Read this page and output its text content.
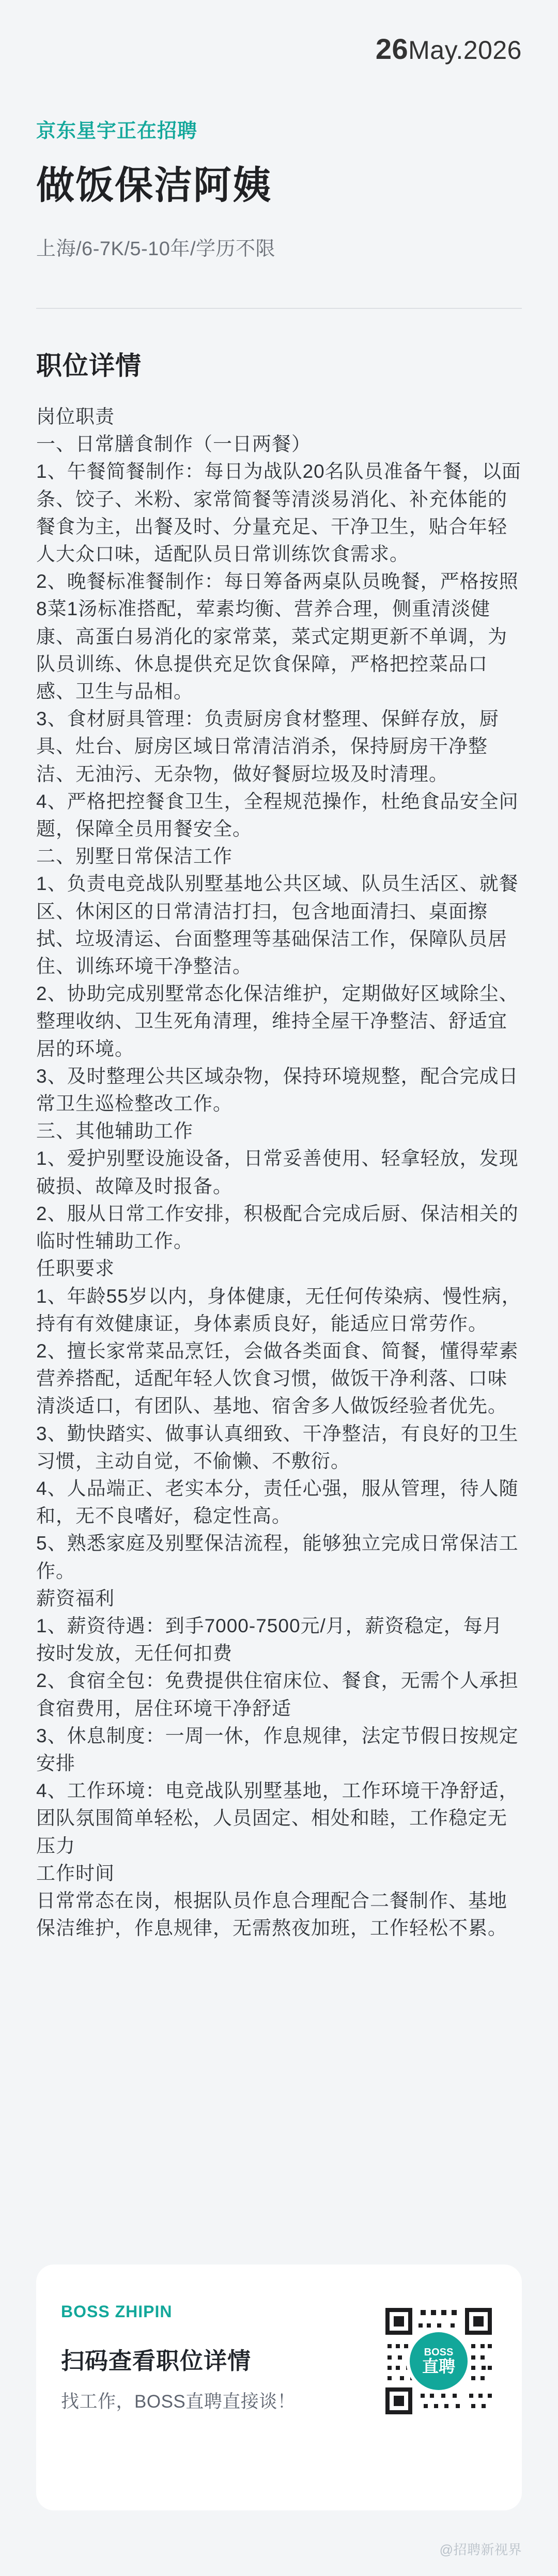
26May.2026
京东星宇正在招聘
做饭保洁阿姨
上海/6-7K/5-10年/学历不限
职位详情
岗位职责
一、日常膳食制作（一日两餐）
1、午餐简餐制作：每日为战队20名队员准备午餐，以面条、饺子、米粉、家常简餐等清淡易消化、补充体能的餐食为主，出餐及时、分量充足、干净卫生，贴合年轻人大众口味，适配队员日常训练饮食需求。
2、晚餐标准餐制作：每日筹备两桌队员晚餐，严格按照8菜1汤标准搭配，荤素均衡、营养合理，侧重清淡健康、高蛋白易消化的家常菜，菜式定期更新不单调，为队员训练、休息提供充足饮食保障，严格把控菜品口感、卫生与品相。
3、食材厨具管理：负责厨房食材整理、保鲜存放，厨具、灶台、厨房区域日常清洁消杀，保持厨房干净整洁、无油污、无杂物，做好餐厨垃圾及时清理。
4、严格把控餐食卫生，全程规范操作，杜绝食品安全问题，保障全员用餐安全。
二、别墅日常保洁工作
1、负责电竞战队别墅基地公共区域、队员生活区、就餐区、休闲区的日常清洁打扫，包含地面清扫、桌面擦拭、垃圾清运、台面整理等基础保洁工作，保障队员居住、训练环境干净整洁。
2、协助完成别墅常态化保洁维护，定期做好区域除尘、整理收纳、卫生死角清理，维持全屋干净整洁、舒适宜居的环境。
3、及时整理公共区域杂物，保持环境规整，配合完成日常卫生巡检整改工作。
三、其他辅助工作
1、爱护别墅设施设备，日常妥善使用、轻拿轻放，发现破损、故障及时报备。
2、服从日常工作安排，积极配合完成后厨、保洁相关的临时性辅助工作。
任职要求
1、年龄55岁以内，身体健康，无任何传染病、慢性病，持有有效健康证，身体素质良好，能适应日常劳作。
2、擅长家常菜品烹饪，会做各类面食、简餐，懂得荤素营养搭配，适配年轻人饮食习惯，做饭干净利落、口味清淡适口，有团队、基地、宿舍多人做饭经验者优先。
3、勤快踏实、做事认真细致、干净整洁，有良好的卫生习惯，主动自觉，不偷懒、不敷衍。
4、人品端正、老实本分，责任心强，服从管理，待人随和，无不良嗜好，稳定性高。
5、熟悉家庭及别墅保洁流程，能够独立完成日常保洁工作。
薪资福利
1、薪资待遇：到手7000-7500元/月，薪资稳定，每月按时发放，无任何扣费
2、食宿全包：免费提供住宿床位、餐食，无需个人承担食宿费用，居住环境干净舒适
3、休息制度：一周一休，作息规律，法定节假日按规定安排
4、工作环境：电竞战队别墅基地，工作环境干净舒适，团队氛围简单轻松，人员固定、相处和睦，工作稳定无压力
工作时间
日常常态在岗，根据队员作息合理配合二餐制作、基地保洁维护，作息规律，无需熬夜加班，工作轻松不累。
BOSS ZHIPIN
扫码查看职位详情
找工作，BOSS直聘直接谈！
BOSS
直聘
@招聘新视界
